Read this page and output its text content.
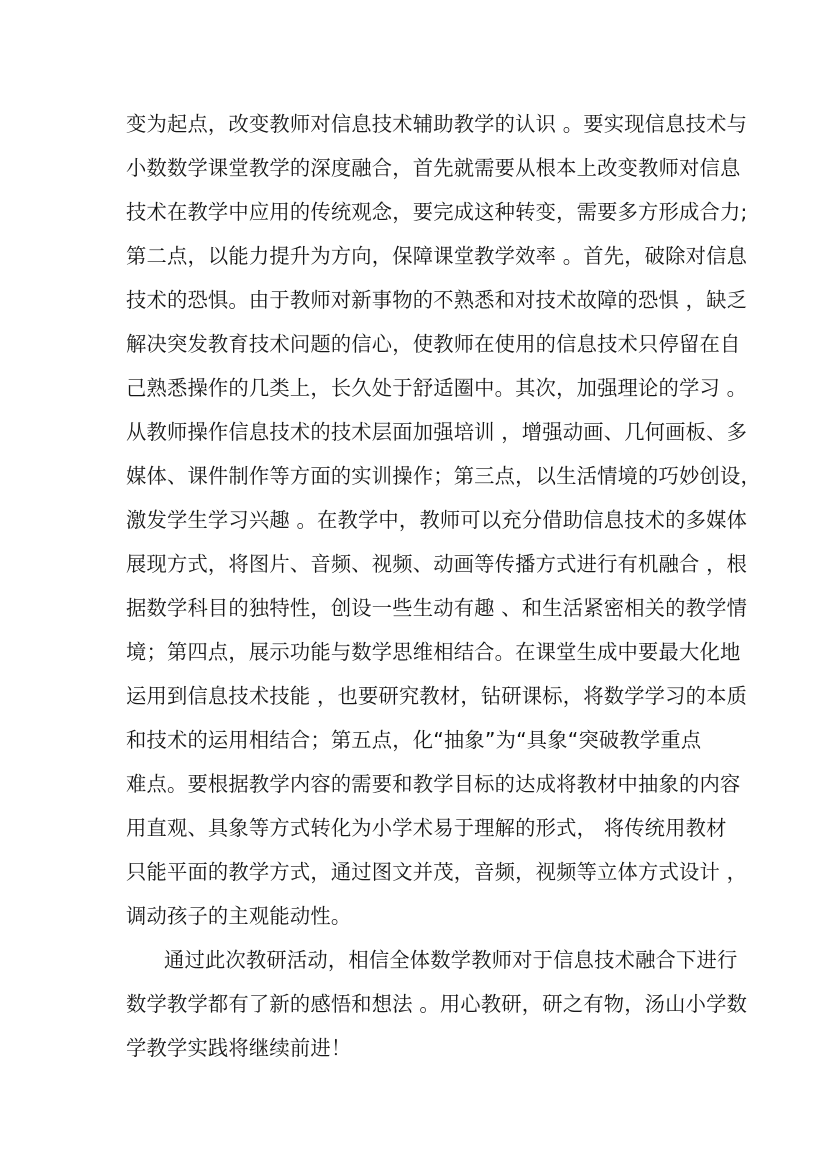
变为起点，改变教师对信息技术辅助教学的认识 。要实现信息技术与
小数数学课堂教学的深度融合，首先就需要从根本上改变教师对信息
技术在教学中应用的传统观念，要完成这种转变，需要多方形成合力;
第二点，以能力提升为方向，保障课堂教学效率 。首先，破除对信息
技术的恐惧。由于教师对新事物的不熟悉和对技术故障的恐惧 ，缺乏
解决突发教育技术问题的信心，使教师在使用的信息技术只停留在自
己熟悉操作的几类上，长久处于舒适圈中。其次，加强理论的学习 。
从教师操作信息技术的技术层面加强培训 ，增强动画、几何画板、多
媒体、课件制作等方面的实训操作；第三点，以生活情境的巧妙创设，
激发学生学习兴趣 。在教学中，教师可以充分借助信息技术的多媒体
展现方式，将图片、音频、视频、动画等传播方式进行有机融合 ，根
据数学科目的独特性，创设一些生动有趣 、和生活紧密相关的教学情
境；第四点，展示功能与数学思维相结合。在课堂生成中要最大化地
运用到信息技术技能 ，也要研究教材，钻研课标，将数学学习的本质
和技术的运用相结合；第五点，化“抽象”为“具象“突破教学重点
难点。要根据教学内容的需要和教学目标的达成将教材中抽象的内容
用直观、具象等方式转化为小学术易于理解的形式， 将传统用教材
只能平面的教学方式，通过图文并茂，音频，视频等立体方式设计 ，
调动孩子的主观能动性。
通过此次教研活动，相信全体数学教师对于信息技术融合下进行
数学教学都有了新的感悟和想法 。用心教研，研之有物，汤山小学数
学教学实践将继续前进！
